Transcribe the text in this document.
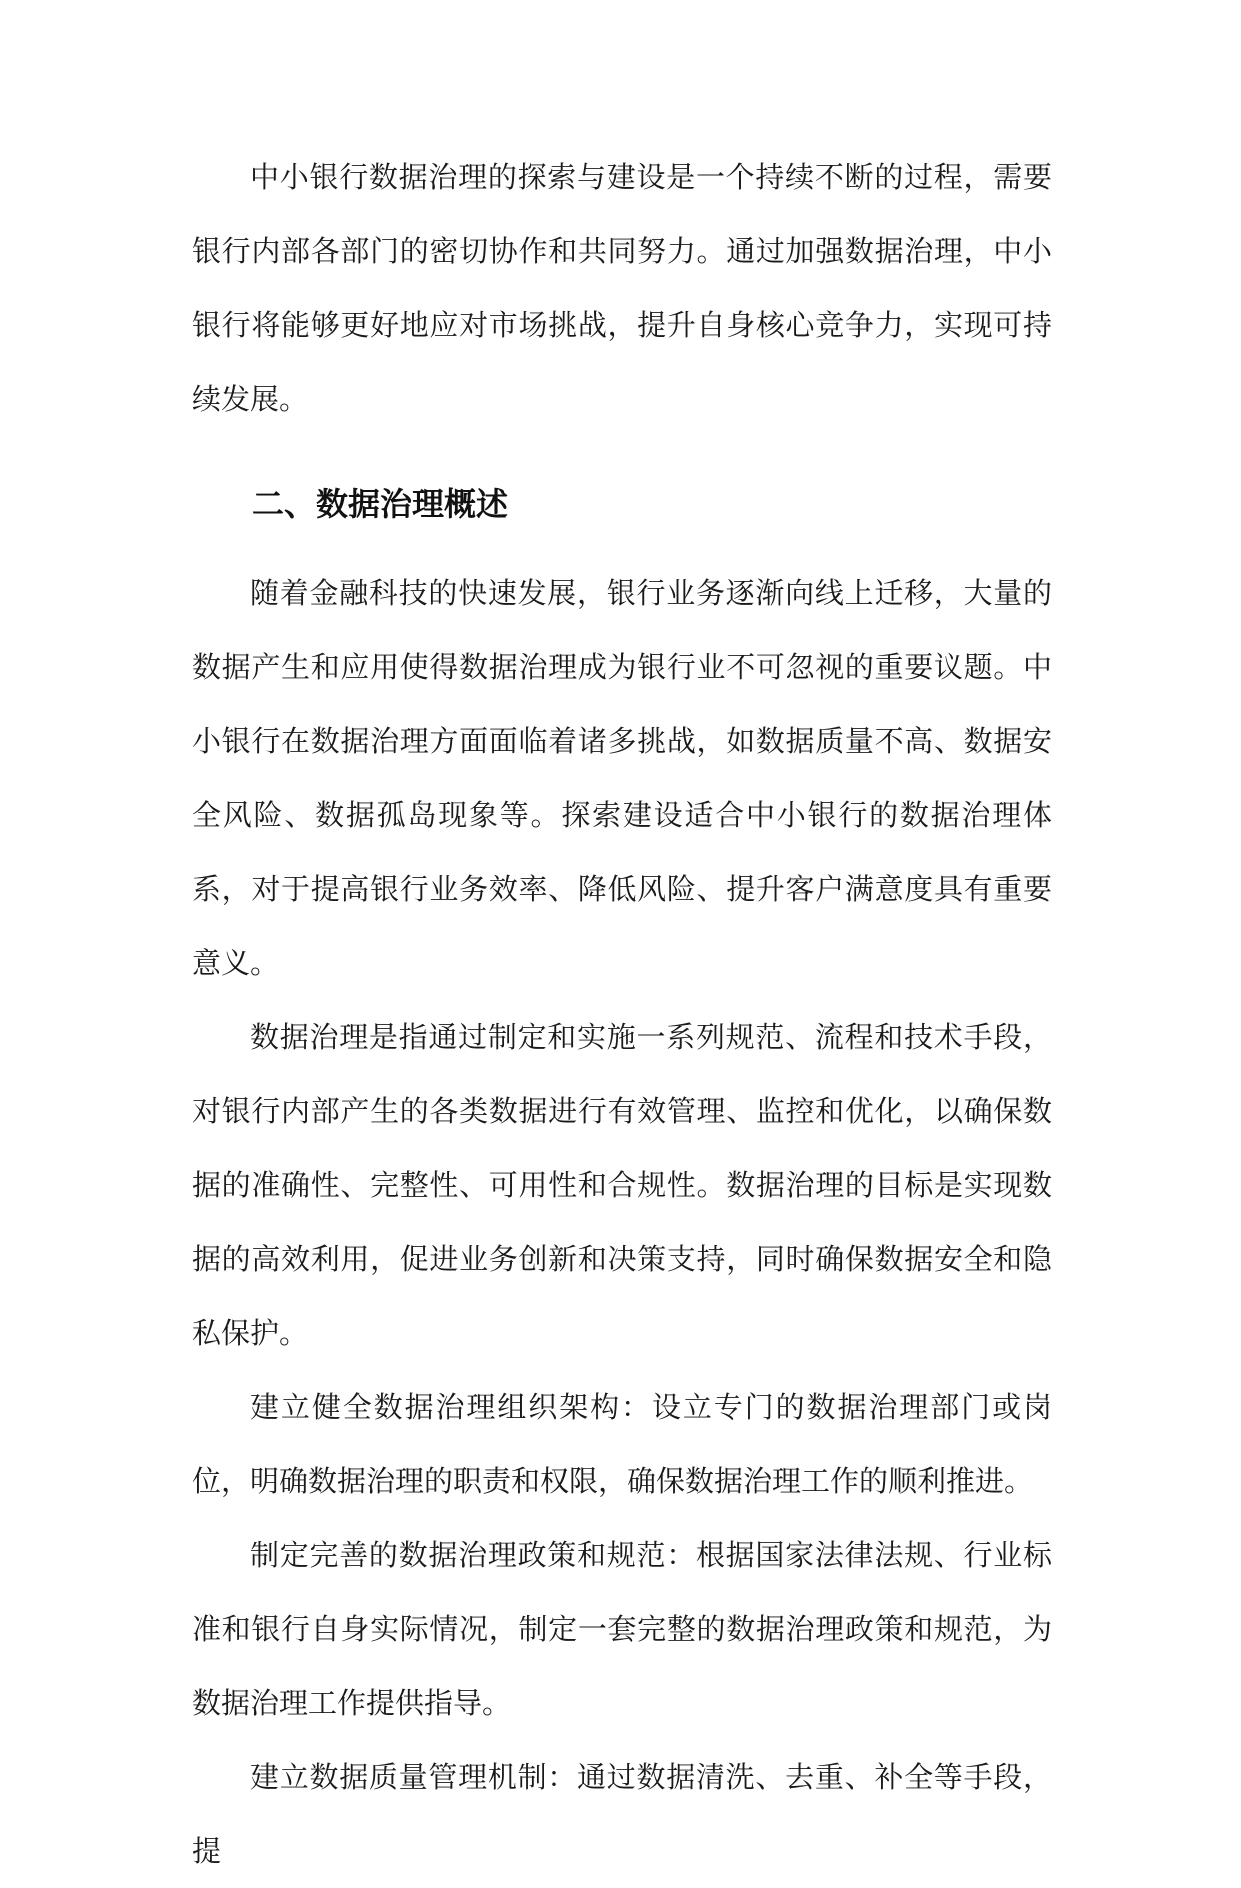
中小银行数据治理的探索与建设是一个持续不断的过程，需要银行内部各部门的密切协作和共同努力。通过加强数据治理，中小银行将能够更好地应对市场挑战，提升自身核心竞争力，实现可持续发展。

二、数据治理概述

随着金融科技的快速发展，银行业务逐渐向线上迁移，大量的数据产生和应用使得数据治理成为银行业不可忽视的重要议题。中小银行在数据治理方面面临着诸多挑战，如数据质量不高、数据安全风险、数据孤岛现象等。探索建设适合中小银行的数据治理体系，对于提高银行业务效率、降低风险、提升客户满意度具有重要意义。

数据治理是指通过制定和实施一系列规范、流程和技术手段，对银行内部产生的各类数据进行有效管理、监控和优化，以确保数据的准确性、完整性、可用性和合规性。数据治理的目标是实现数据的高效利用，促进业务创新和决策支持，同时确保数据安全和隐私保护。

建立健全数据治理组织架构：设立专门的数据治理部门或岗位，明确数据治理的职责和权限，确保数据治理工作的顺利推进。

制定完善的数据治理政策和规范：根据国家法律法规、行业标准和银行自身实际情况，制定一套完整的数据治理政策和规范，为数据治理工作提供指导。

建立数据质量管理机制：通过数据清洗、去重、补全等手段，提
